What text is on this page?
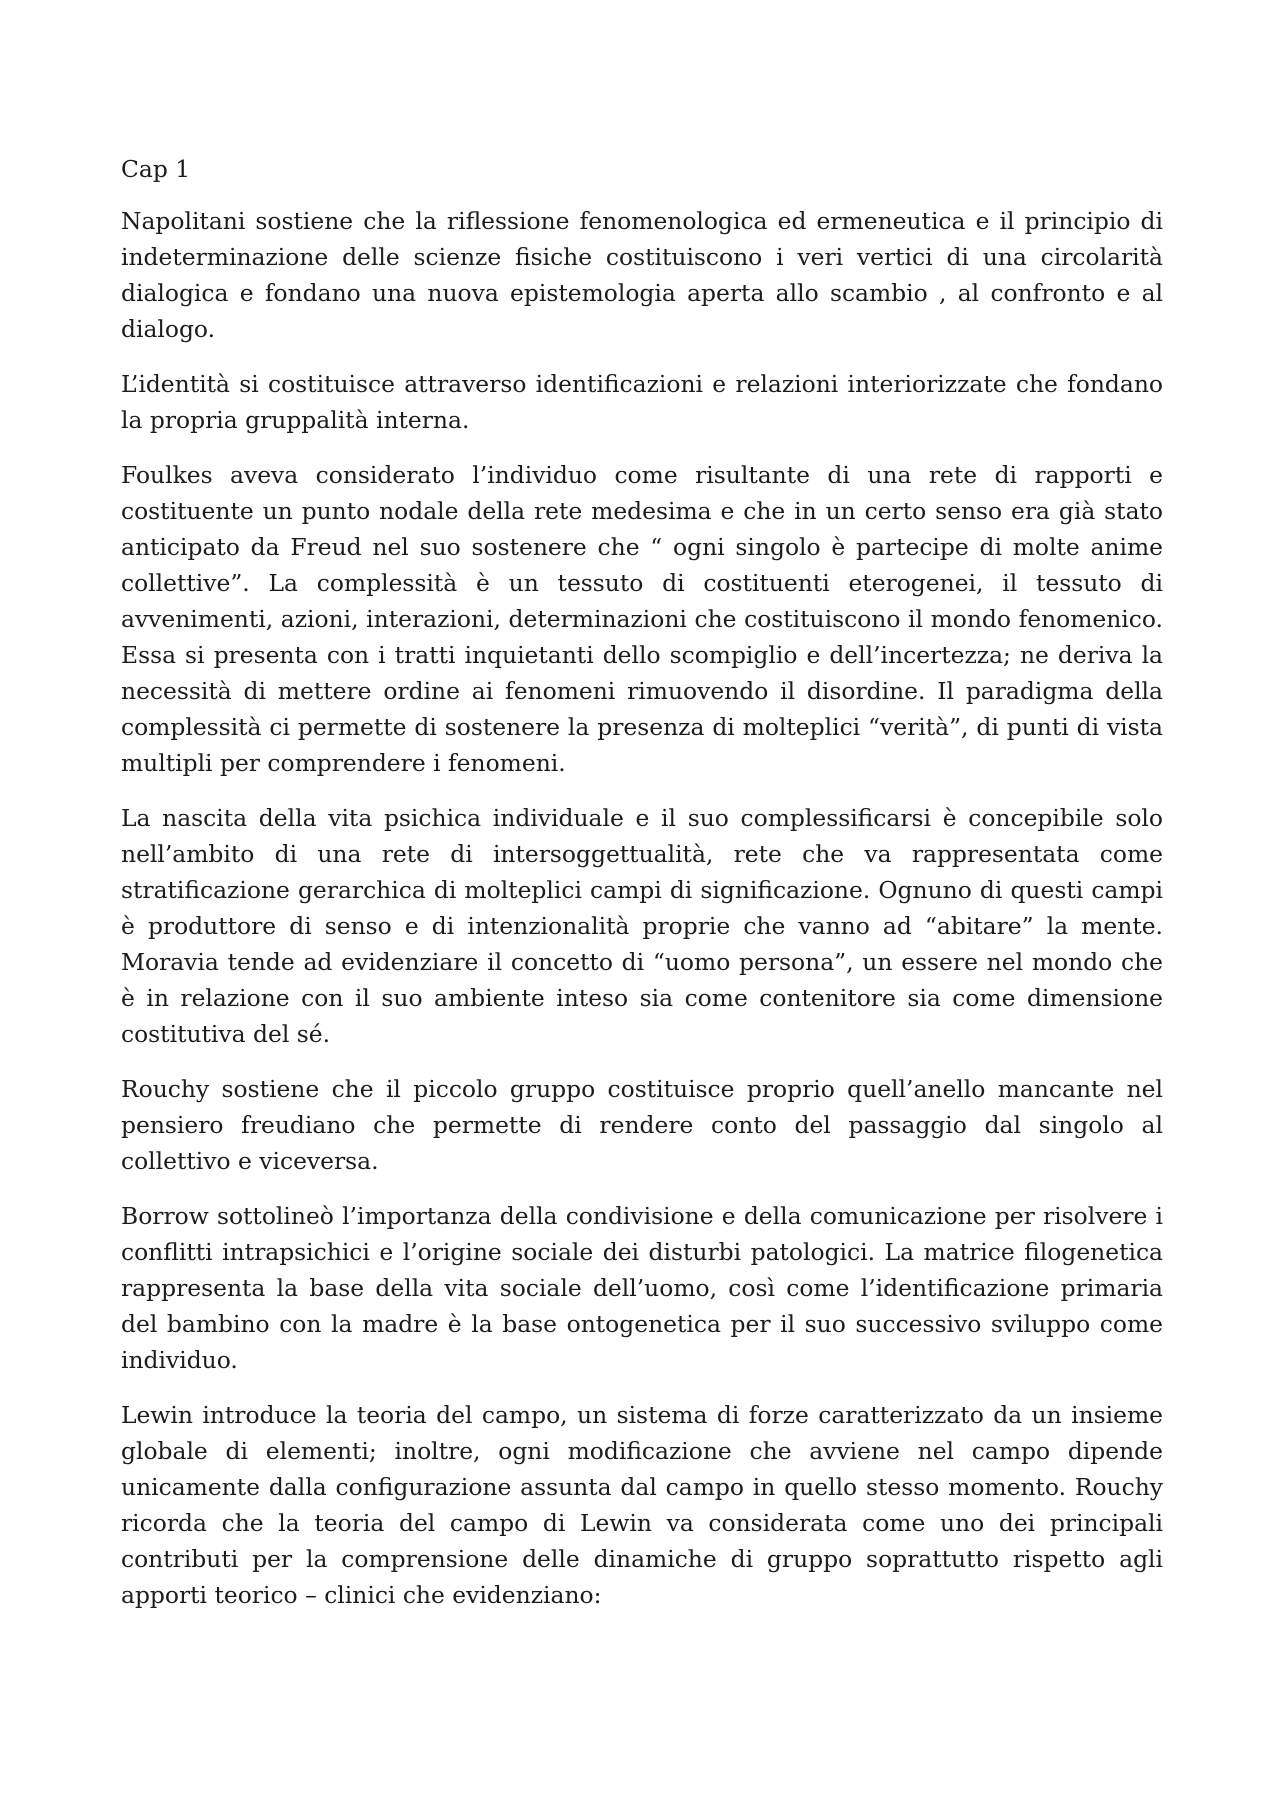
Cap 1

Napolitani sostiene che la riflessione fenomenologica ed ermeneutica e il principio di indeterminazione delle scienze fisiche costituiscono i veri vertici di una circolarità dialogica e fondano una nuova epistemologia aperta allo scambio , al confronto e al dialogo.

L’identità si costituisce attraverso identificazioni e relazioni interiorizzate che fondano la propria gruppalità interna.

Foulkes aveva considerato l’individuo come risultante di una rete di rapporti e costituente un punto nodale della rete medesima e che in un certo senso era già stato anticipato da Freud nel suo sostenere che “ ogni singolo è partecipe di molte anime collettive”. La complessità è un tessuto di costituenti eterogenei, il tessuto di avvenimenti, azioni, interazioni, determinazioni che costituiscono il mondo fenomenico. Essa si presenta con i tratti inquietanti dello scompiglio e dell’incertezza; ne deriva la necessità di mettere ordine ai fenomeni rimuovendo il disordine. Il paradigma della complessità ci permette di sostenere la presenza di molteplici “verità”, di punti di vista multipli per comprendere i fenomeni.

La nascita della vita psichica individuale e il suo complessificarsi è concepibile solo nell’ambito di una rete di intersoggettualità, rete che va rappresentata come stratificazione gerarchica di molteplici campi di significazione. Ognuno di questi campi è produttore di senso e di intenzionalità proprie che vanno ad “abitare” la mente. Moravia tende ad evidenziare il concetto di “uomo persona”, un essere nel mondo che è in relazione con il suo ambiente inteso sia come contenitore sia come dimensione costitutiva del sé.

Rouchy sostiene che il piccolo gruppo costituisce proprio quell’anello mancante nel pensiero freudiano che permette di rendere conto del passaggio dal singolo al collettivo e viceversa.

Borrow sottolineò l’importanza della condivisione e della comunicazione per risolvere i conflitti intrapsichici e l’origine sociale dei disturbi patologici. La matrice filogenetica rappresenta la base della vita sociale dell’uomo, così come l’identificazione primaria del bambino con la madre è la base ontogenetica per il suo successivo sviluppo come individuo.

Lewin introduce la teoria del campo, un sistema di forze caratterizzato da un insieme globale di elementi; inoltre, ogni modificazione che avviene nel campo dipende unicamente dalla configurazione assunta dal campo in quello stesso momento. Rouchy ricorda che la teoria del campo di Lewin va considerata come uno dei principali contributi per la comprensione delle dinamiche di gruppo soprattutto rispetto agli apporti teorico – clinici che evidenziano:
